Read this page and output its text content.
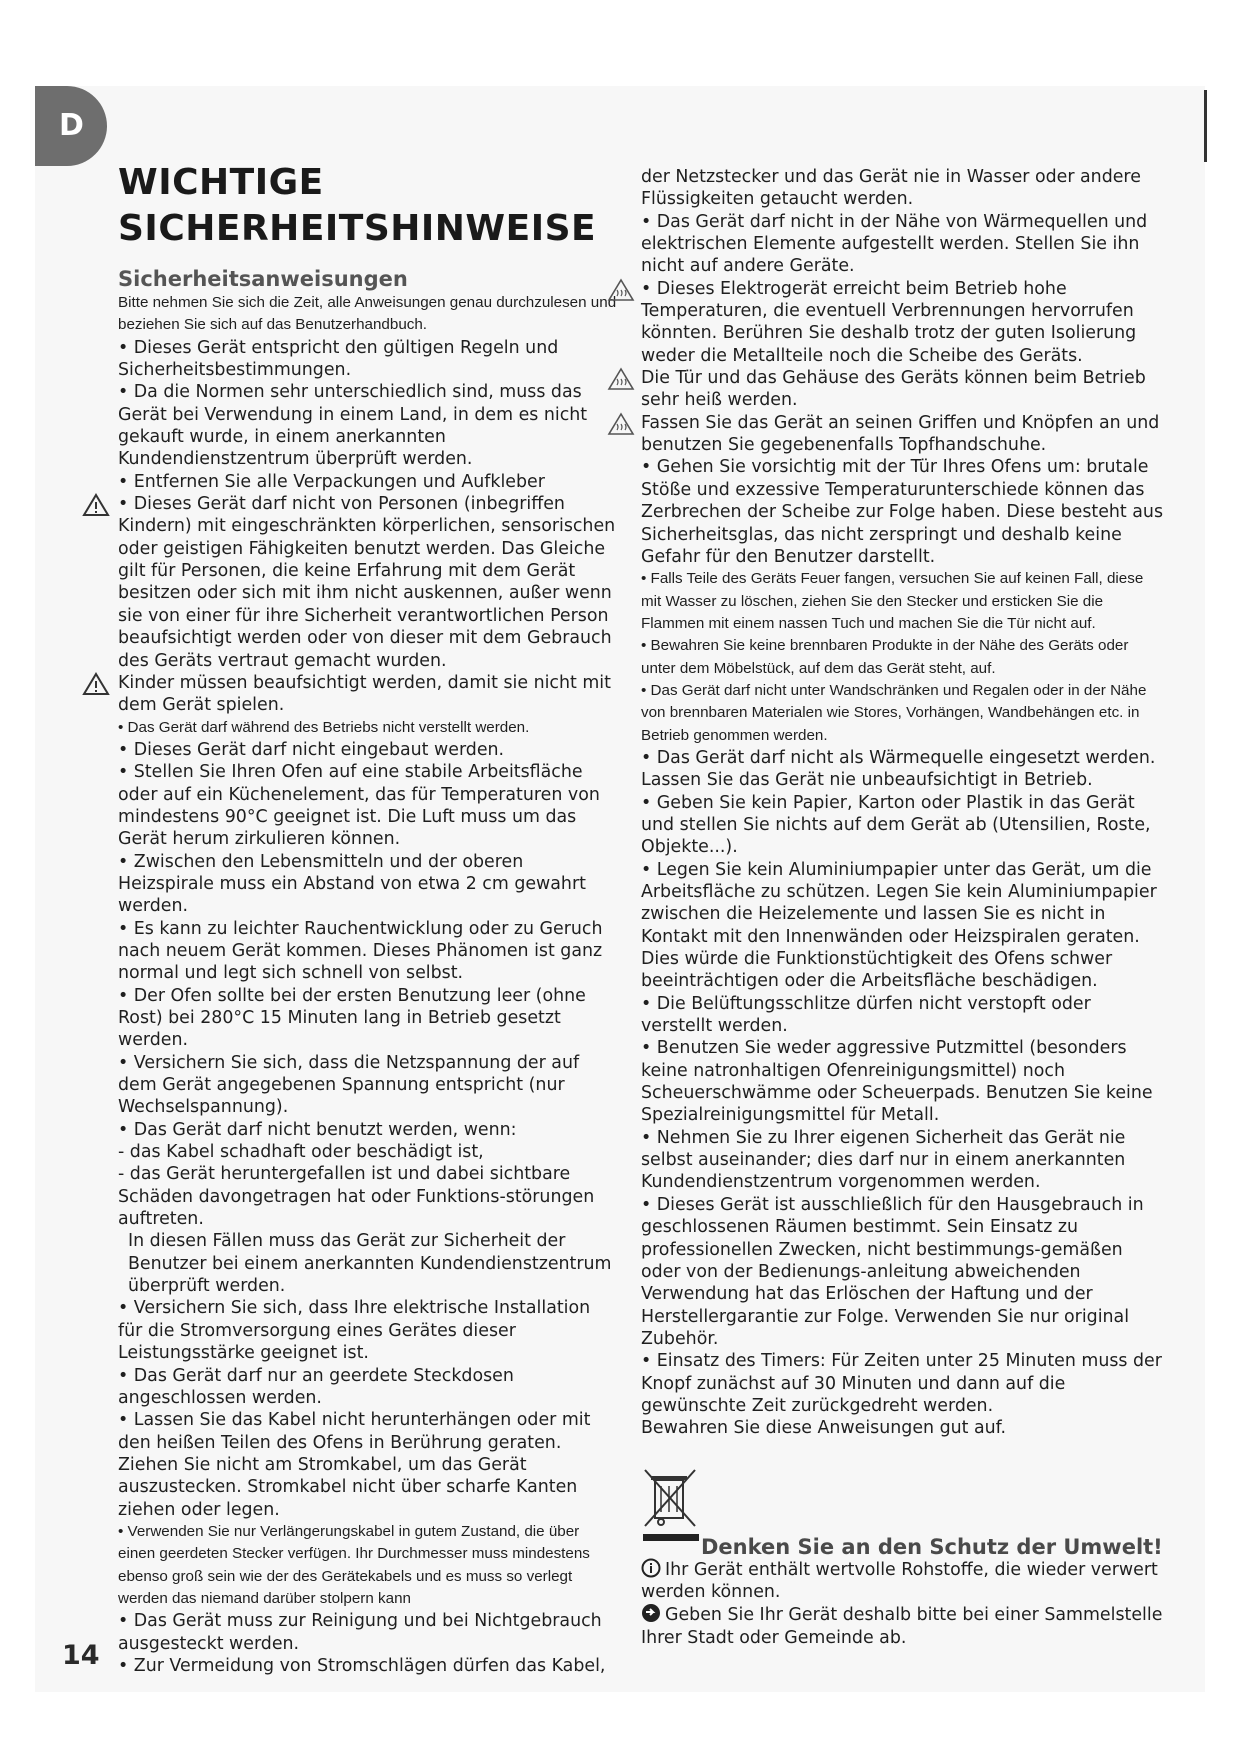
D
WICHTIGE
SICHERHEITSHINWEISE
Sicherheitsanweisungen

Bitte nehmen Sie sich die Zeit, alle Anweisungen genau durchzulesen und beziehen Sie sich auf das Benutzerhandbuch.

• Dieses Gerät entspricht den gültigen Regeln und Sicherheitsbestimmungen.

• Da die Normen sehr unterschiedlich sind, muss das Gerät bei Verwendung in einem Land, in dem es nicht gekauft wurde, in einem anerkannten Kundendienstzentrum überprüft werden.

• Entfernen Sie alle Verpackungen und Aufkleber

• Dieses Gerät darf nicht von Personen (inbegriffen Kindern) mit eingeschränkten körperlichen, sensorischen oder geistigen Fähigkeiten benutzt werden. Das Gleiche gilt für Personen, die keine Erfahrung mit dem Gerät besitzen oder sich mit ihm nicht auskennen, außer wenn sie von einer für ihre Sicherheit verantwortlichen Person beaufsichtigt werden oder von dieser mit dem Gebrauch des Geräts vertraut gemacht wurden.
Kinder müssen beaufsichtigt werden, damit sie nicht mit dem Gerät spielen.

• Das Gerät darf während des Betriebs nicht verstellt werden.

• Dieses Gerät darf nicht eingebaut werden.

• Stellen Sie Ihren Ofen auf eine stabile Arbeitsfläche oder auf ein Küchenelement, das für Temperaturen von mindestens 90°C geeignet ist. Die Luft muss um das Gerät herum zirkulieren können.

• Zwischen den Lebensmitteln und der oberen Heizspirale muss ein Abstand von etwa 2 cm gewahrt werden.

• Es kann zu leichter Rauchentwicklung oder zu Geruch nach neuem Gerät kommen. Dieses Phänomen ist ganz normal und legt sich schnell von selbst.

• Der Ofen sollte bei der ersten Benutzung leer (ohne Rost) bei 280°C 15 Minuten lang in Betrieb gesetzt werden.

• Versichern Sie sich, dass die Netzspannung der auf dem Gerät angegebenen Spannung entspricht (nur Wechselspannung).

• Das Gerät darf nicht benutzt werden, wenn:

- das Kabel schadhaft oder beschädigt ist,

- das Gerät heruntergefallen ist und dabei sichtbare Schäden davongetragen hat oder Funktions-störungen auftreten.

In diesen Fällen muss das Gerät zur Sicherheit der Benutzer bei einem anerkannten Kundendienstzentrum überprüft werden.

• Versichern Sie sich, dass Ihre elektrische Installation für die Stromversorgung eines Gerätes dieser Leistungsstärke geeignet ist.

• Das Gerät darf nur an geerdete Steckdosen angeschlossen werden.

• Lassen Sie das Kabel nicht herunterhängen oder mit den heißen Teilen des Ofens in Berührung geraten. Ziehen Sie nicht am Stromkabel, um das Gerät auszustecken. Stromkabel nicht über scharfe Kanten ziehen oder legen.

• Verwenden Sie nur Verlängerungskabel in gutem Zustand, die über einen geerdeten Stecker verfügen. Ihr Durchmesser muss mindestens ebenso groß sein wie der des Gerätekabels und es muss so verlegt werden das niemand darüber stolpern kann

• Das Gerät muss zur Reinigung und bei Nichtgebrauch ausgesteckt werden.

• Zur Vermeidung von Stromschlägen dürfen das Kabel,

der Netzstecker und das Gerät nie in Wasser oder andere Flüssigkeiten getaucht werden.

• Das Gerät darf nicht in der Nähe von Wärmequellen und elektrischen Elemente aufgestellt werden. Stellen Sie ihn nicht auf andere Geräte.

• Dieses Elektrogerät erreicht beim Betrieb hohe Temperaturen, die eventuell Verbrennungen hervorrufen könnten. Berühren Sie deshalb trotz der guten Isolierung weder die Metallteile noch die Scheibe des Geräts.
Die Tür und das Gehäuse des Geräts können beim Betrieb sehr heiß werden.
Fassen Sie das Gerät an seinen Griffen und Knöpfen an und benutzen Sie gegebenenfalls Topfhandschuhe.

• Gehen Sie vorsichtig mit der Tür Ihres Ofens um: brutale Stöße und exzessive Temperaturunterschiede können das Zerbrechen der Scheibe zur Folge haben. Diese besteht aus Sicherheitsglas, das nicht zerspringt und deshalb keine Gefahr für den Benutzer darstellt.

• Falls Teile des Geräts Feuer fangen, versuchen Sie auf keinen Fall, diese mit Wasser zu löschen, ziehen Sie den Stecker und ersticken Sie die Flammen mit einem nassen Tuch und machen Sie die Tür nicht auf.

• Bewahren Sie keine brennbaren Produkte in der Nähe des Geräts oder unter dem Möbelstück, auf dem das Gerät steht, auf.

• Das Gerät darf nicht unter Wandschränken und Regalen oder in der Nähe von brennbaren Materialen wie Stores, Vorhängen, Wandbehängen etc. in Betrieb genommen werden.

• Das Gerät darf nicht als Wärmequelle eingesetzt werden. Lassen Sie das Gerät nie unbeaufsichtigt in Betrieb.

• Geben Sie kein Papier, Karton oder Plastik in das Gerät und stellen Sie nichts auf dem Gerät ab (Utensilien, Roste, Objekte...).

• Legen Sie kein Aluminiumpapier unter das Gerät, um die Arbeitsfläche zu schützen. Legen Sie kein Aluminiumpapier zwischen die Heizelemente und lassen Sie es nicht in Kontakt mit den Innenwänden oder Heizspiralen geraten. Dies würde die Funktionstüchtigkeit des Ofens schwer beeinträchtigen oder die Arbeitsfläche beschädigen.

• Die Belüftungsschlitze dürfen nicht verstopft oder verstellt werden.

• Benutzen Sie weder aggressive Putzmittel (besonders keine natronhaltigen Ofenreinigungsmittel) noch Scheuerschwämme oder Scheuerpads. Benutzen Sie keine Spezialreinigungsmittel für Metall.

• Nehmen Sie zu Ihrer eigenen Sicherheit das Gerät nie selbst auseinander; dies darf nur in einem anerkannten Kundendienstzentrum vorgenommen werden.

• Dieses Gerät ist ausschließlich für den Hausgebrauch in geschlossenen Räumen bestimmt. Sein Einsatz zu professionellen Zwecken, nicht bestimmungs-gemäßen oder von der Bedienungs-anleitung abweichenden Verwendung hat das Erlöschen der Haftung und der Herstellergarantie zur Folge. Verwenden Sie nur original Zubehör.

• Einsatz des Timers: Für Zeiten unter 25 Minuten muss der Knopf zunächst auf 30 Minuten und dann auf die gewünschte Zeit zurückgedreht werden.

Bewahren Sie diese Anweisungen gut auf.

Denken Sie an den Schutz der Umwelt!

Ihr Gerät enthält wertvolle Rohstoffe, die wieder verwert werden können.

Geben Sie Ihr Gerät deshalb bitte bei einer Sammelstelle Ihrer Stadt oder Gemeinde ab.

14
